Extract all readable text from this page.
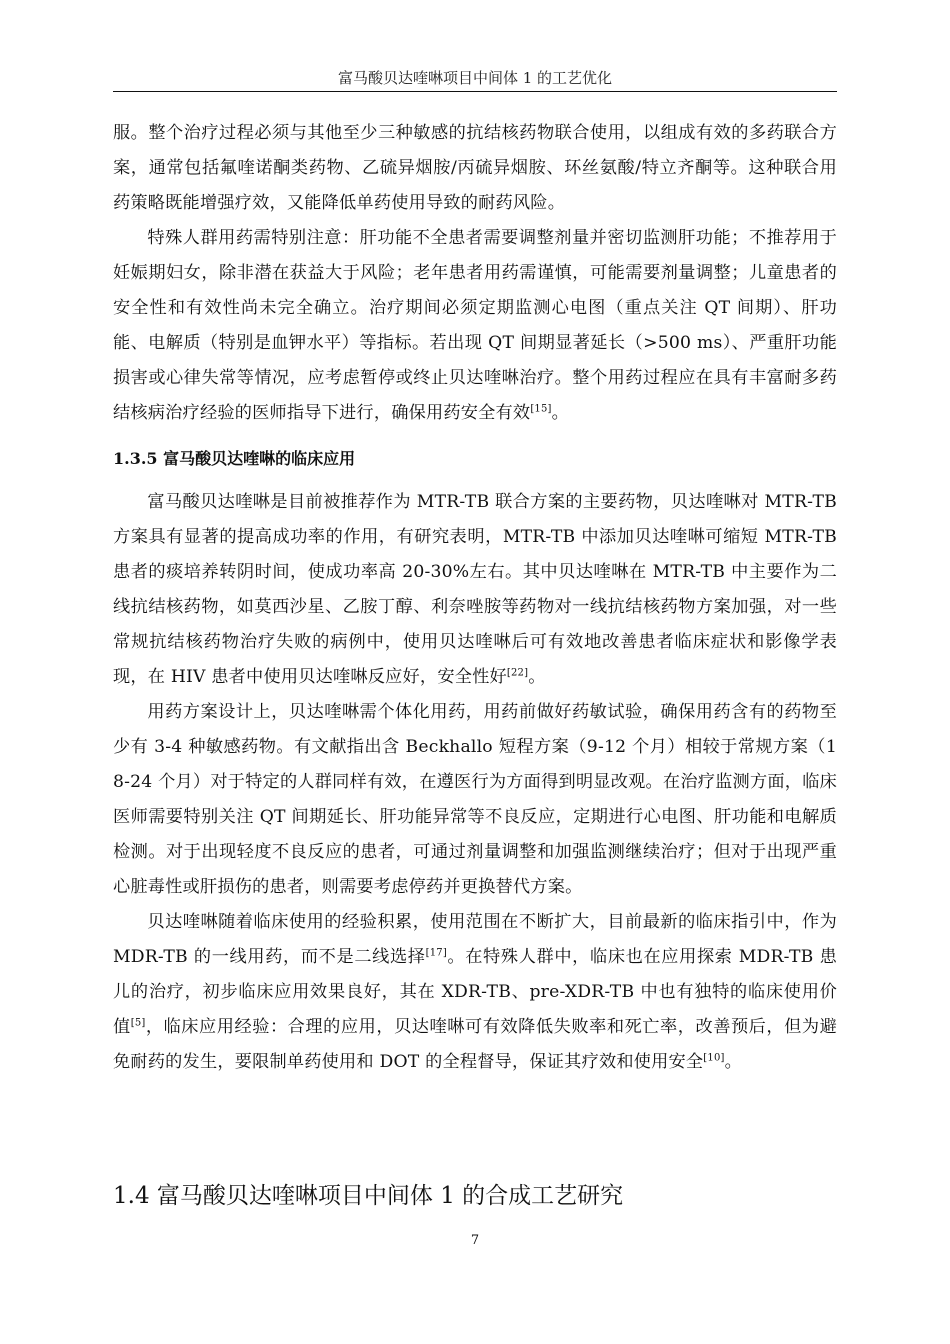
富马酸贝达喹啉项目中间体 1 的工艺优化

服。整个治疗过程必须与其他至少三种敏感的抗结核药物联合使用，以组成有效的多药联合方案，通常包括氟喹诺酮类药物、乙硫异烟胺/丙硫异烟胺、环丝氨酸/特立齐酮等。这种联合用药策略既能增强疗效，又能降低单药使用导致的耐药风险。

特殊人群用药需特别注意：肝功能不全患者需要调整剂量并密切监测肝功能；不推荐用于妊娠期妇女，除非潜在获益大于风险；老年患者用药需谨慎，可能需要剂量调整；儿童患者的安全性和有效性尚未完全确立。治疗期间必须定期监测心电图（重点关注 QT 间期）、肝功能、电解质（特别是血钾水平）等指标。若出现 QT 间期显著延长（>500 ms）、严重肝功能损害或心律失常等情况，应考虑暂停或终止贝达喹啉治疗。整个用药过程应在具有丰富耐多药结核病治疗经验的医师指导下进行，确保用药安全有效[15]。

1.3.5 富马酸贝达喹啉的临床应用

富马酸贝达喹啉是目前被推荐作为 MTR-TB 联合方案的主要药物，贝达喹啉对 MTR-TB 方案具有显著的提高成功率的作用，有研究表明，MTR-TB 中添加贝达喹啉可缩短 MTR-TB 患者的痰培养转阴时间，使成功率高 20-30%左右。其中贝达喹啉在 MTR-TB 中主要作为二线抗结核药物，如莫西沙星、乙胺丁醇、利奈唑胺等药物对一线抗结核药物方案加强，对一些常规抗结核药物治疗失败的病例中，使用贝达喹啉后可有效地改善患者临床症状和影像学表现，在 HIV 患者中使用贝达喹啉反应好，安全性好[22]。

用药方案设计上，贝达喹啉需个体化用药，用药前做好药敏试验，确保用药含有的药物至少有 3-4 种敏感药物。有文献指出含 Beckhallo 短程方案（9-12 个月）相较于常规方案（18-24 个月）对于特定的人群同样有效，在遵医行为方面得到明显改观。在治疗监测方面，临床医师需要特别关注 QT 间期延长、肝功能异常等不良反应，定期进行心电图、肝功能和电解质检测。对于出现轻度不良反应的患者，可通过剂量调整和加强监测继续治疗；但对于出现严重心脏毒性或肝损伤的患者，则需要考虑停药并更换替代方案。

贝达喹啉随着临床使用的经验积累，使用范围在不断扩大，目前最新的临床指引中，作为 MDR-TB 的一线用药，而不是二线选择[17]。在特殊人群中，临床也在应用探索 MDR-TB 患儿的治疗，初步临床应用效果良好，其在 XDR-TB、pre-XDR-TB 中也有独特的临床使用价值[5]，临床应用经验：合理的应用，贝达喹啉可有效降低失败率和死亡率，改善预后，但为避免耐药的发生，要限制单药使用和 DOT 的全程督导，保证其疗效和使用安全[10]。

1.4 富马酸贝达喹啉项目中间体 1 的合成工艺研究
7
